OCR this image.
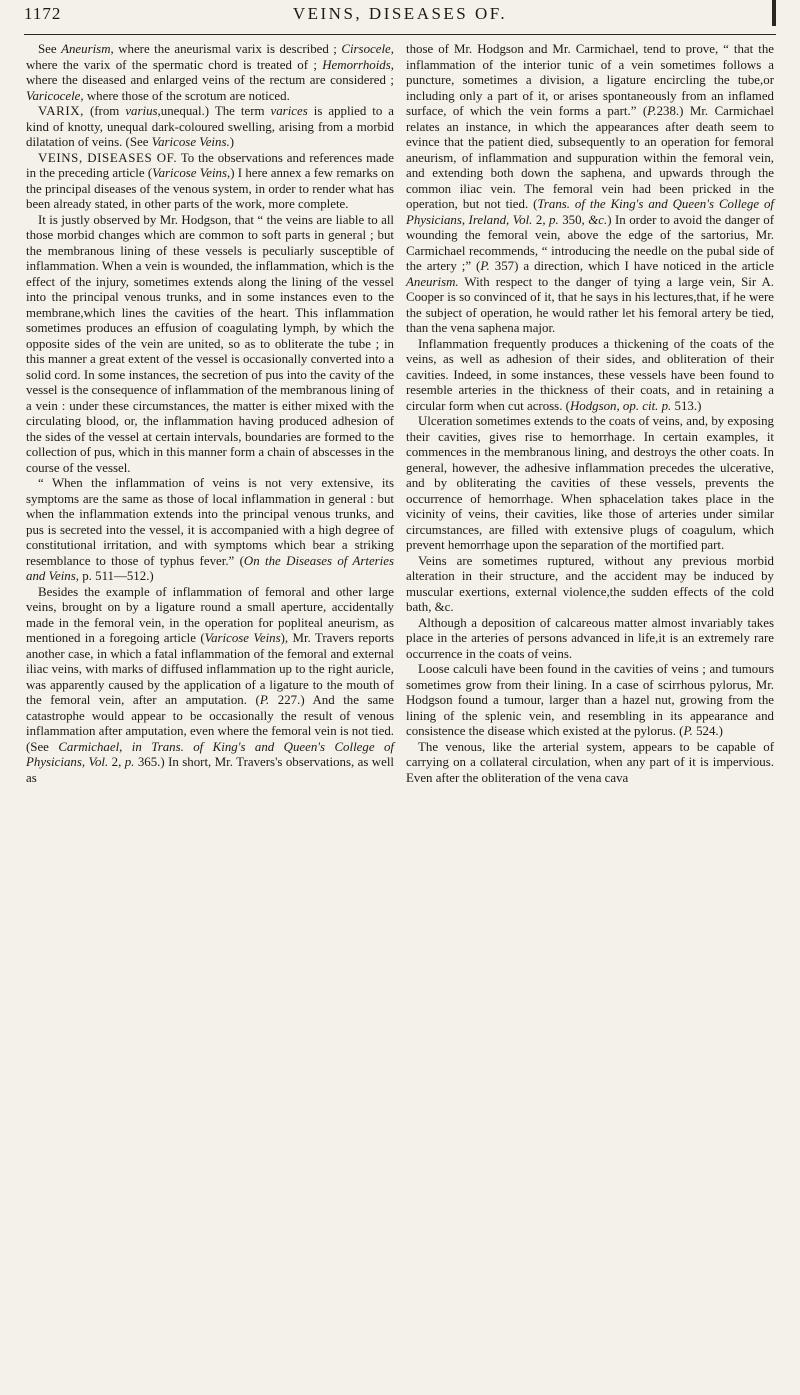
1172	VEINS, DISEASES OF.

See Aneurism, where the aneurismal varix is described ; Cirsocele, where the varix of the spermatic chord is treated of ; Hemorrhoids, where the diseased and enlarged veins of the rectum are considered ; Varicocele, where those of the scrotum are noticed.

VARIX, (from varius,unequal.) The term varices is applied to a kind of knotty, unequal dark-coloured swelling, arising from a morbid dilatation of veins. (See Varicose Veins.)

VEINS, DISEASES OF. To the observations and references made in the preceding article (Varicose Veins,) I here annex a few remarks on the principal diseases of the venous system, in order to render what has been already stated, in other parts of the work, more complete.

It is justly observed by Mr. Hodgson, that “ the veins are liable to all those morbid changes which are common to soft parts in general ; but the membranous lining of these vessels is peculiarly susceptible of inflammation. When a vein is wounded, the inflammation, which is the effect of the injury, sometimes extends along the lining of the vessel into the principal venous trunks, and in some instances even to the membrane,which lines the cavities of the heart. This inflammation sometimes produces an effusion of coagulating lymph, by which the opposite sides of the vein are united, so as to obliterate the tube ; in this manner a great extent of the vessel is occasionally converted into a solid cord. In some instances, the secretion of pus into the cavity of the vessel is the consequence of inflammation of the membranous lining of a vein : under these circumstances, the matter is either mixed with the circulating blood, or, the inflammation having produced adhesion of the sides of the vessel at certain intervals, boundaries are formed to the collection of pus, which in this manner form a chain of abscesses in the course of the vessel.

“ When the inflammation of veins is not very extensive, its symptoms are the same as those of local inflammation in general : but when the inflammation extends into the principal venous trunks, and pus is secreted into the vessel, it is accompanied with a high degree of constitutional irritation, and with symptoms which bear a striking resemblance to those of typhus fever.” (On the Diseases of Arteries and Veins, p. 511—512.)

Besides the example of inflammation of femoral and other large veins, brought on by a ligature round a small aperture, accidentally made in the femoral vein, in the operation for popliteal aneurism, as mentioned in a foregoing article (Varicose Veins), Mr. Travers reports another case, in which a fatal inflammation of the femoral and external iliac veins, with marks of diffused inflammation up to the right auricle, was apparently caused by the application of a ligature to the mouth of the femoral vein, after an amputation. (P. 227.) And the same catastrophe would appear to be occasionally the result of venous inflammation after amputation, even where the femoral vein is not tied. (See Carmichael, in Trans. of King's and Queen's College of Physicians, Vol. 2, p. 365.) In short, Mr. Travers's observations, as well as

those of Mr. Hodgson and Mr. Carmichael, tend to prove, “ that the inflammation of the interior tunic of a vein sometimes follows a puncture, sometimes a division, a ligature encircling the tube,or including only a part of it, or arises spontaneously from an inflamed surface, of which the vein forms a part.” (P.238.) Mr. Carmichael relates an instance, in which the appearances after death seem to evince that the patient died, subsequently to an operation for femoral aneurism, of inflammation and suppuration within the femoral vein, and extending both down the saphena, and upwards through the common iliac vein. The femoral vein had been pricked in the operation, but not tied. (Trans. of the King's and Queen's College of Physicians, Ireland, Vol. 2, p. 350, &c.) In order to avoid the danger of wounding the femoral vein, above the edge of the sartorius, Mr. Carmichael recommends, “ introducing the needle on the pubal side of the artery ;” (P. 357) a direction, which I have noticed in the article Aneurism. With respect to the danger of tying a large vein, Sir A. Cooper is so convinced of it, that he says in his lectures,that, if he were the subject of operation, he would rather let his femoral artery be tied, than the vena saphena major.

Inflammation frequently produces a thickening of the coats of the veins, as well as adhesion of their sides, and obliteration of their cavities. Indeed, in some instances, these vessels have been found to resemble arteries in the thickness of their coats, and in retaining a circular form when cut across. (Hodgson, op. cit. p. 513.)

Ulceration sometimes extends to the coats of veins, and, by exposing their cavities, gives rise to hemorrhage. In certain examples, it commences in the membranous lining, and destroys the other coats. In general, however, the adhesive inflammation precedes the ulcerative, and by obliterating the cavities of these vessels, prevents the occurrence of hemorrhage. When sphacelation takes place in the vicinity of veins, their cavities, like those of arteries under similar circumstances, are filled with extensive plugs of coagulum, which prevent hemorrhage upon the separation of the mortified part.

Veins are sometimes ruptured, without any previous morbid alteration in their structure, and the accident may be induced by muscular exertions, external violence,the sudden effects of the cold bath, &c.

Although a deposition of calcareous matter almost invariably takes place in the arteries of persons advanced in life,it is an extremely rare occurrence in the coats of veins.

Loose calculi have been found in the cavities of veins ; and tumours sometimes grow from their lining. In a case of scirrhous pylorus, Mr. Hodgson found a tumour, larger than a hazel nut, growing from the lining of the splenic vein, and resembling in its appearance and consistence the disease which existed at the pylorus. (P. 524.)

The venous, like the arterial system, appears to be capable of carrying on a collateral circulation, when any part of it is impervious. Even after the obliteration of the vena cava
